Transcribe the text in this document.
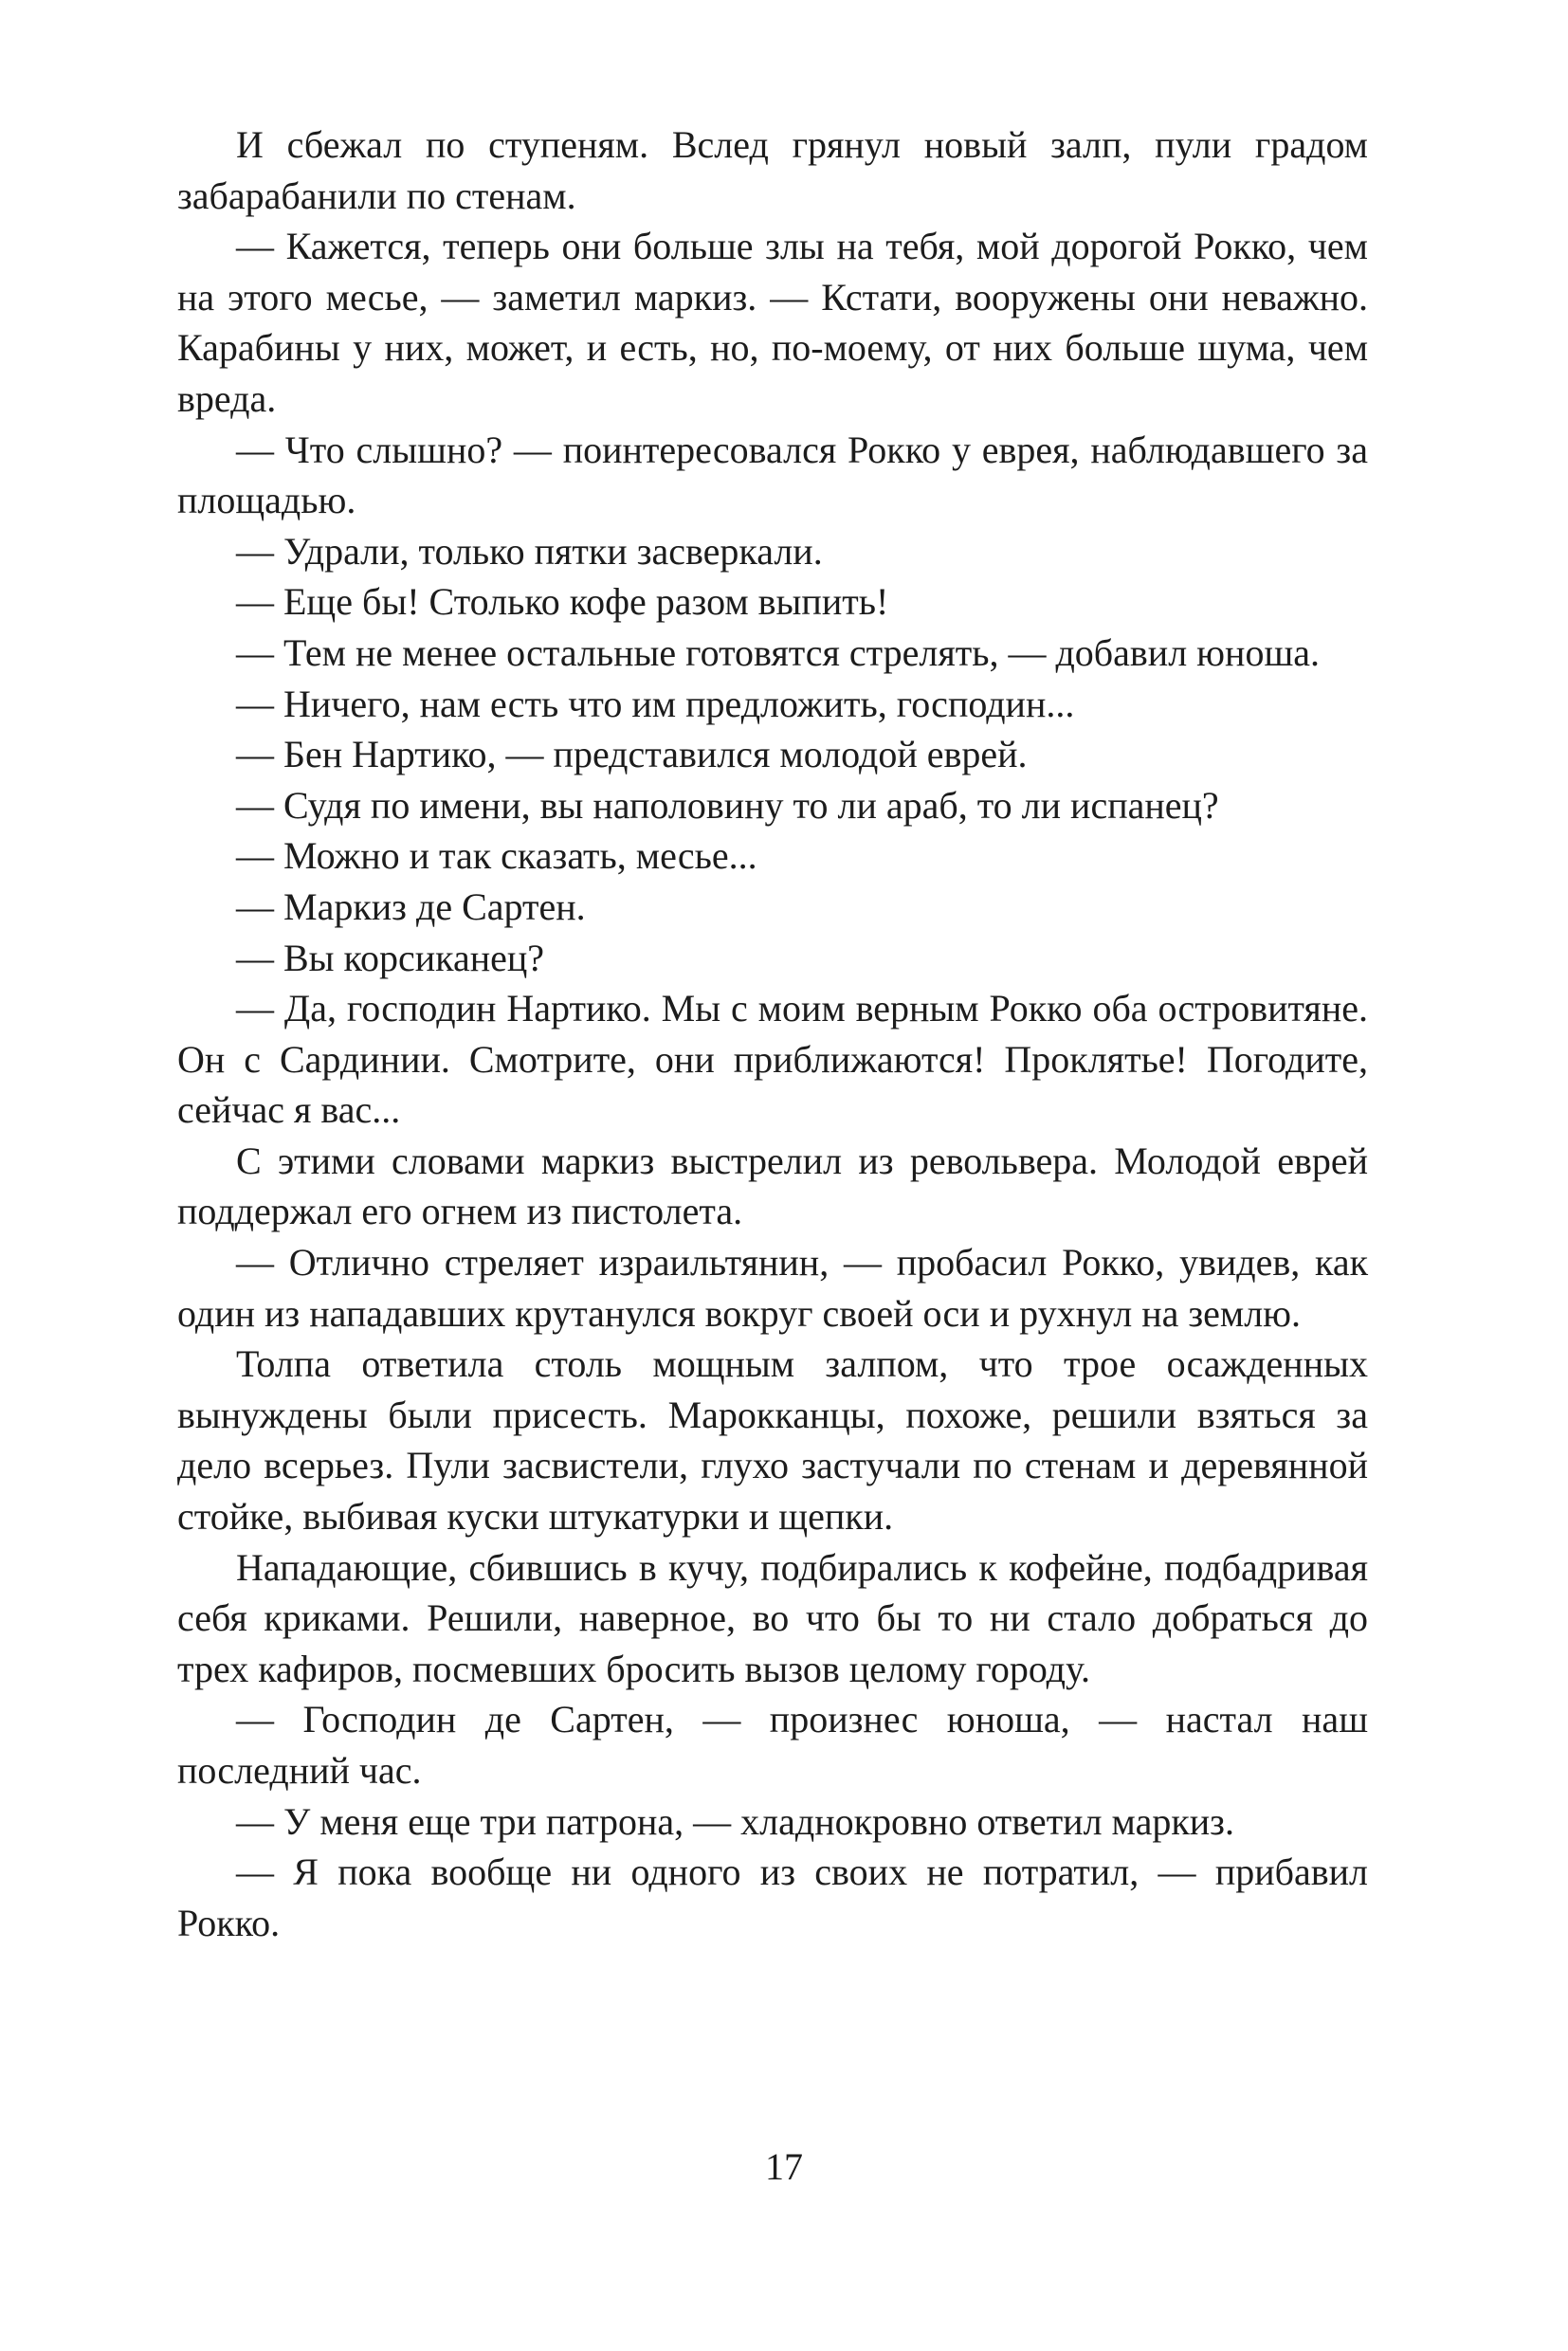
И сбежал по ступеням. Вслед грянул новый залп, пули градом забарабанили по стенам.

— Кажется, теперь они больше злы на тебя, мой дорогой Рокко, чем на этого месье, — заметил маркиз. — Кстати, вооружены они неважно. Карабины у них, может, и есть, но, по-моему, от них больше шума, чем вреда.

— Что слышно? — поинтересовался Рокко у еврея, наблюдавшего за площадью.

— Удрали, только пятки засверкали.

— Еще бы! Столько кофе разом выпить!

— Тем не менее остальные готовятся стрелять, — добавил юноша.

— Ничего, нам есть что им предложить, господин...

— Бен Нартико, — представился молодой еврей.

— Судя по имени, вы наполовину то ли араб, то ли испанец?

— Можно и так сказать, месье...

— Маркиз де Сартен.

— Вы корсиканец?

— Да, господин Нартико. Мы с моим верным Рокко оба островитяне. Он с Сардинии. Смотрите, они приближаются! Проклятье! Погодите, сейчас я вас...

С этими словами маркиз выстрелил из револьвера. Молодой еврей поддержал его огнем из пистолета.

— Отлично стреляет израильтянин, — пробасил Рокко, увидев, как один из нападавших крутанулся вокруг своей оси и рухнул на землю.

Толпа ответила столь мощным залпом, что трое осажденных вынуждены были присесть. Марокканцы, похоже, решили взяться за дело всерьез. Пули засвистели, глухо застучали по стенам и деревянной стойке, выбивая куски штукатурки и щепки.

Нападающие, сбившись в кучу, подбирались к кофейне, подбадривая себя криками. Решили, наверное, во что бы то ни стало добраться до трех кафиров, посмевших бросить вызов целому городу.

— Господин де Сартен, — произнес юноша, — настал наш последний час.

— У меня еще три патрона, — хладнокровно ответил маркиз.

— Я пока вообще ни одного из своих не потратил, — прибавил Рокко.

17
